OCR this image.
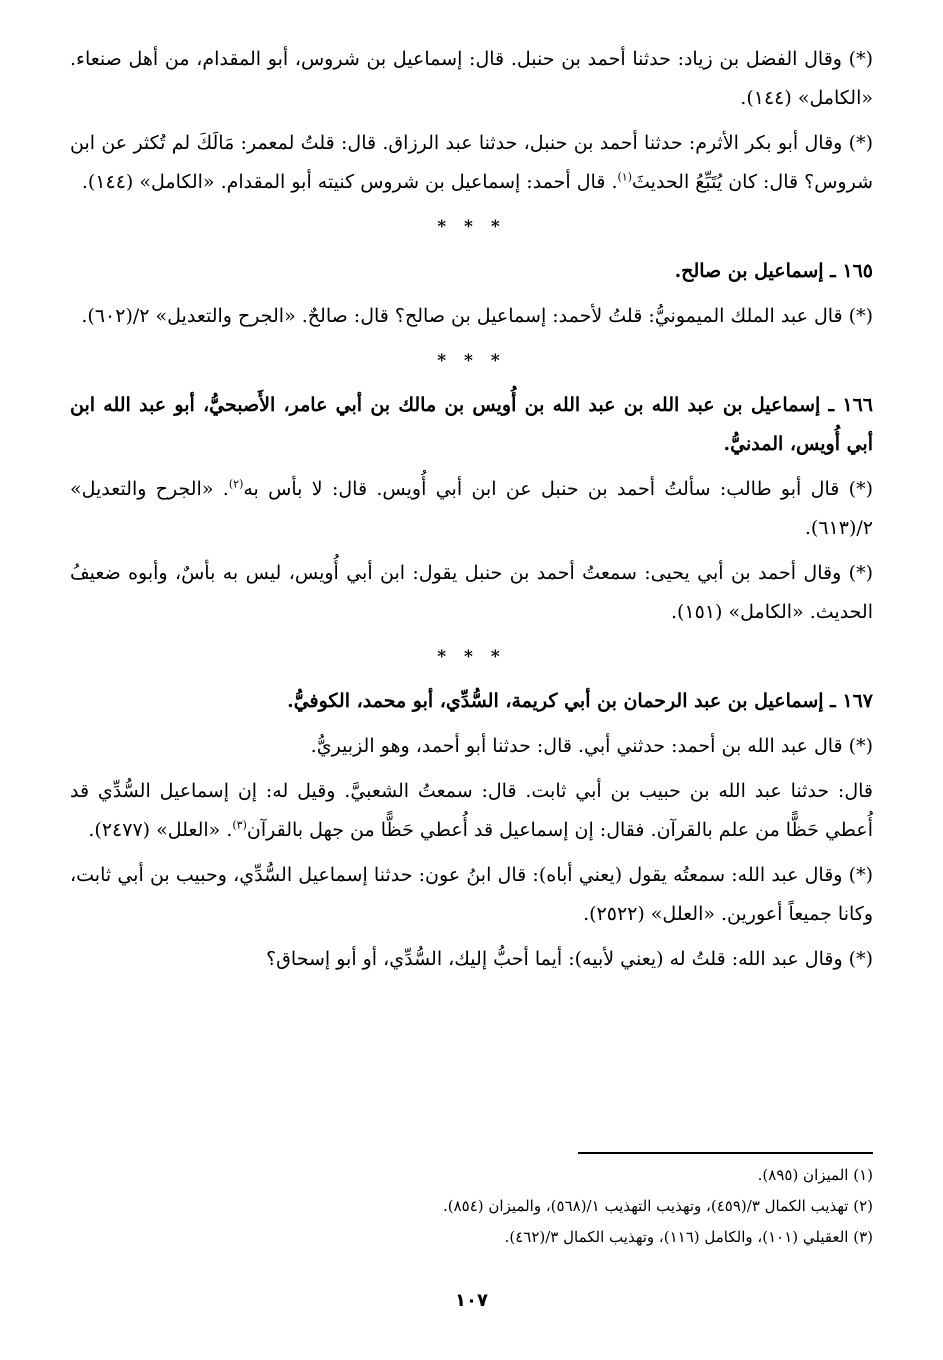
(*) وقال الفضل بن زياد: حدثنا أحمد بن حنبل. قال: إسماعيل بن شروس، أبو المقدام، من أهل صنعاء. «الكامل» (١٤٤).

(*) وقال أبو بكر الأثرم: حدثنا أحمد بن حنبل، حدثنا عبد الرزاق. قال: قلتُ لمعمر: مَالَكَ لم تُكثر عن ابن شروس؟ قال: كان يُتَبِّعُ الحديثَ$^{(١)}$. قال أحمد: إسماعيل بن شروس كنيته أبو المقدام. «الكامل» (١٤٤).

* * *

١٦٥ ـ إسماعيل بن صالح.

(*) قال عبد الملك الميمونيُّ: قلتُ لأحمد: إسماعيل بن صالح؟ قال: صالحٌ. «الجرح والتعديل» ٢/(٦٠٢).

* * *

١٦٦ ـ إسماعيل بن عبد الله بن عبد الله بن أُويس بن مالك بن أبي عامر، الأَصبحيُّ، أبو عبد الله ابن أبي أُويس، المدنيُّ.

(*) قال أبو طالب: سألتُ أحمد بن حنبل عن ابن أبي أُويس. قال: لا بأس به$^{(٢)}$. «الجرح والتعديل» ٢/(٦١٣).

(*) وقال أحمد بن أبي يحيى: سمعتُ أحمد بن حنبل يقول: ابن أبي أُويس، ليس به بأسٌ، وأبوه ضعيفُ الحديث. «الكامل» (١٥١).

* * *

١٦٧ ـ إسماعيل بن عبد الرحمان بن أبي كريمة، السُّدِّي، أبو محمد، الكوفيُّ.

(*) قال عبد الله بن أحمد: حدثني أبي. قال: حدثنا أبو أحمد، وهو الزبيريُّ.

قال: حدثنا عبد الله بن حبيب بن أبي ثابت. قال: سمعتُ الشعبيَّ. وقيل له: إن إسماعيل السُّدِّي قد أُعطي حَظًّا من علم بالقرآن. فقال: إن إسماعيل قد أُعطي حَظًّا من جهل بالقرآن$^{(٣)}$. «العلل» (٢٤٧٧).

(*) وقال عبد الله: سمعتُه يقول (يعني أباه): قال ابنُ عون: حدثنا إسماعيل السُّدِّي، وحبيب بن أبي ثابت، وكانا جميعاً أعورين. «العلل» (٢٥٢٢).

(*) وقال عبد الله: قلتُ له (يعني لأبيه): أيما أحبُّ إليك، السُّدِّي، أو أبو إسحاق؟

(١) الميزان (٨٩٥).

(٢) تهذيب الكمال ٣/(٤٥٩)، وتهذيب التهذيب ١/(٥٦٨)، والميزان (٨٥٤).

(٣) العقيلي (١٠١)، والكامل (١١٦)، وتهذيب الكمال ٣/(٤٦٢).

١٠٧
